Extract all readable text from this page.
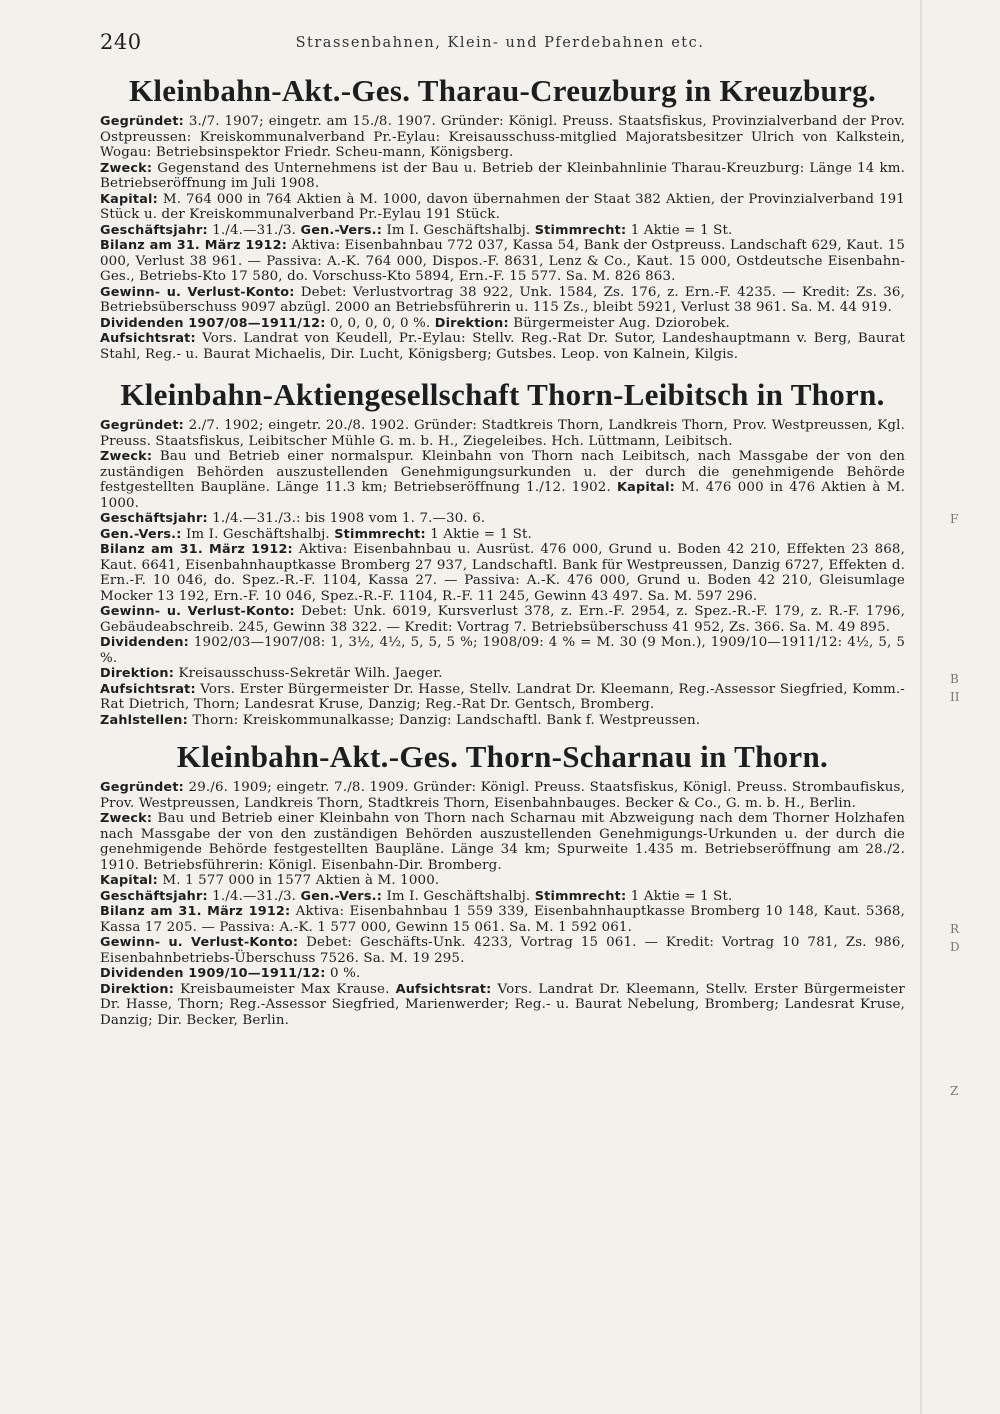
240	Strassenbahnen, Klein- und Pferdebahnen etc.
Kleinbahn-Akt.-Ges. Tharau-Creuzburg in Kreuzburg.

Gegründet: 3./7. 1907; eingetr. am 15./8. 1907. Gründer: Königl. Preuss. Staatsfiskus, Provinzialverband der Prov. Ostpreussen: Kreiskommunalverband Pr.-Eylau: Kreisausschuss-mitglied Majoratsbesitzer Ulrich von Kalkstein, Wogau: Betriebsinspektor Friedr. Scheu-mann, Königsberg.

Zweck: Gegenstand des Unternehmens ist der Bau u. Betrieb der Kleinbahnlinie Tharau-Kreuzburg: Länge 14 km. Betriebseröffnung im Juli 1908.

Kapital: M. 764 000 in 764 Aktien à M. 1000, davon übernahmen der Staat 382 Aktien, der Provinzialverband 191 Stück u. der Kreiskommunalverband Pr.-Eylau 191 Stück.

Geschäftsjahr: 1./4.—31./3. Gen.-Vers.: Im I. Geschäftshalbj. Stimmrecht: 1 Aktie = 1 St.

Bilanz am 31. März 1912: Aktiva: Eisenbahnbau 772 037, Kassa 54, Bank der Ostpreuss. Landschaft 629, Kaut. 15 000, Verlust 38 961. — Passiva: A.-K. 764 000, Dispos.-F. 8631, Lenz & Co., Kaut. 15 000, Ostdeutsche Eisenbahn-Ges., Betriebs-Kto 17 580, do. Vorschuss-Kto 5894, Ern.-F. 15 577. Sa. M. 826 863.

Gewinn- u. Verlust-Konto: Debet: Verlustvortrag 38 922, Unk. 1584, Zs. 176, z. Ern.-F. 4235. — Kredit: Zs. 36, Betriebsüberschuss 9097 abzügl. 2000 an Betriebsführerin u. 115 Zs., bleibt 5921, Verlust 38 961. Sa. M. 44 919.

Dividenden 1907/08—1911/12: 0, 0, 0, 0, 0 %. Direktion: Bürgermeister Aug. Dziorobek.

Aufsichtsrat: Vors. Landrat von Keudell, Pr.-Eylau: Stellv. Reg.-Rat Dr. Sutor, Landeshauptmann v. Berg, Baurat Stahl, Reg.- u. Baurat Michaelis, Dir. Lucht, Königsberg; Gutsbes. Leop. von Kalnein, Kilgis.

Kleinbahn-Aktiengesellschaft Thorn-Leibitsch in Thorn.

Gegründet: 2./7. 1902; eingetr. 20./8. 1902. Gründer: Stadtkreis Thorn, Landkreis Thorn, Prov. Westpreussen, Kgl. Preuss. Staatsfiskus, Leibitscher Mühle G. m. b. H., Ziegeleibes. Hch. Lüttmann, Leibitsch.

Zweck: Bau und Betrieb einer normalspur. Kleinbahn von Thorn nach Leibitsch, nach Massgabe der von den zuständigen Behörden auszustellenden Genehmigungsurkunden u. der durch die genehmigende Behörde festgestellten Baupläne. Länge 11.3 km; Betriebseröffnung 1./12. 1902. Kapital: M. 476 000 in 476 Aktien à M. 1000.

Geschäftsjahr: 1./4.—31./3.: bis 1908 vom 1. 7.—30. 6.

Gen.-Vers.: Im I. Geschäftshalbj. Stimmrecht: 1 Aktie = 1 St.

Bilanz am 31. März 1912: Aktiva: Eisenbahnbau u. Ausrüst. 476 000, Grund u. Boden 42 210, Effekten 23 868, Kaut. 6641, Eisenbahnhauptkasse Bromberg 27 937, Landschaftl. Bank für Westpreussen, Danzig 6727, Effekten d. Ern.-F. 10 046, do. Spez.-R.-F. 1104, Kassa 27. — Passiva: A.-K. 476 000, Grund u. Boden 42 210, Gleisumlage Mocker 13 192, Ern.-F. 10 046, Spez.-R.-F. 1104, R.-F. 11 245, Gewinn 43 497. Sa. M. 597 296.

Gewinn- u. Verlust-Konto: Debet: Unk. 6019, Kursverlust 378, z. Ern.-F. 2954, z. Spez.-R.-F. 179, z. R.-F. 1796, Gebäudeabschreib. 245, Gewinn 38 322. — Kredit: Vortrag 7. Betriebsüberschuss 41 952, Zs. 366. Sa. M. 49 895.

Dividenden: 1902/03—1907/08: 1, 3½, 4½, 5, 5, 5 %; 1908/09: 4 % = M. 30 (9 Mon.), 1909/10—1911/12: 4½, 5, 5 %.

Direktion: Kreisausschuss-Sekretär Wilh. Jaeger.

Aufsichtsrat: Vors. Erster Bürgermeister Dr. Hasse, Stellv. Landrat Dr. Kleemann, Reg.-Assessor Siegfried, Komm.-Rat Dietrich, Thorn; Landesrat Kruse, Danzig; Reg.-Rat Dr. Gentsch, Bromberg.

Zahlstellen: Thorn: Kreiskommunalkasse; Danzig: Landschaftl. Bank f. Westpreussen.

Kleinbahn-Akt.-Ges. Thorn-Scharnau in Thorn.

Gegründet: 29./6. 1909; eingetr. 7./8. 1909. Gründer: Königl. Preuss. Staatsfiskus, Königl. Preuss. Strombaufiskus, Prov. Westpreussen, Landkreis Thorn, Stadtkreis Thorn, Eisenbahnbauges. Becker & Co., G. m. b. H., Berlin.

Zweck: Bau und Betrieb einer Kleinbahn von Thorn nach Scharnau mit Abzweigung nach dem Thorner Holzhafen nach Massgabe der von den zuständigen Behörden auszustellenden Genehmigungs-Urkunden u. der durch die genehmigende Behörde festgestellten Baupläne. Länge 34 km; Spurweite 1.435 m. Betriebseröffnung am 28./2. 1910. Betriebsführerin: Königl. Eisenbahn-Dir. Bromberg.

Kapital: M. 1 577 000 in 1577 Aktien à M. 1000.

Geschäftsjahr: 1./4.—31./3. Gen.-Vers.: Im I. Geschäftshalbj. Stimmrecht: 1 Aktie = 1 St.

Bilanz am 31. März 1912: Aktiva: Eisenbahnbau 1 559 339, Eisenbahnhauptkasse Bromberg 10 148, Kaut. 5368, Kassa 17 205. — Passiva: A.-K. 1 577 000, Gewinn 15 061. Sa. M. 1 592 061.

Gewinn- u. Verlust-Konto: Debet: Geschäfts-Unk. 4233, Vortrag 15 061. — Kredit: Vortrag 10 781, Zs. 986, Eisenbahnbetriebs-Überschuss 7526. Sa. M. 19 295.

Dividenden 1909/10—1911/12: 0 %.

Direktion: Kreisbaumeister Max Krause. Aufsichtsrat: Vors. Landrat Dr. Kleemann, Stellv. Erster Bürgermeister Dr. Hasse, Thorn; Reg.-Assessor Siegfried, Marienwerder; Reg.- u. Baurat Nebelung, Bromberg; Landesrat Kruse, Danzig; Dir. Becker, Berlin.

F
B
II
R
D
Z
